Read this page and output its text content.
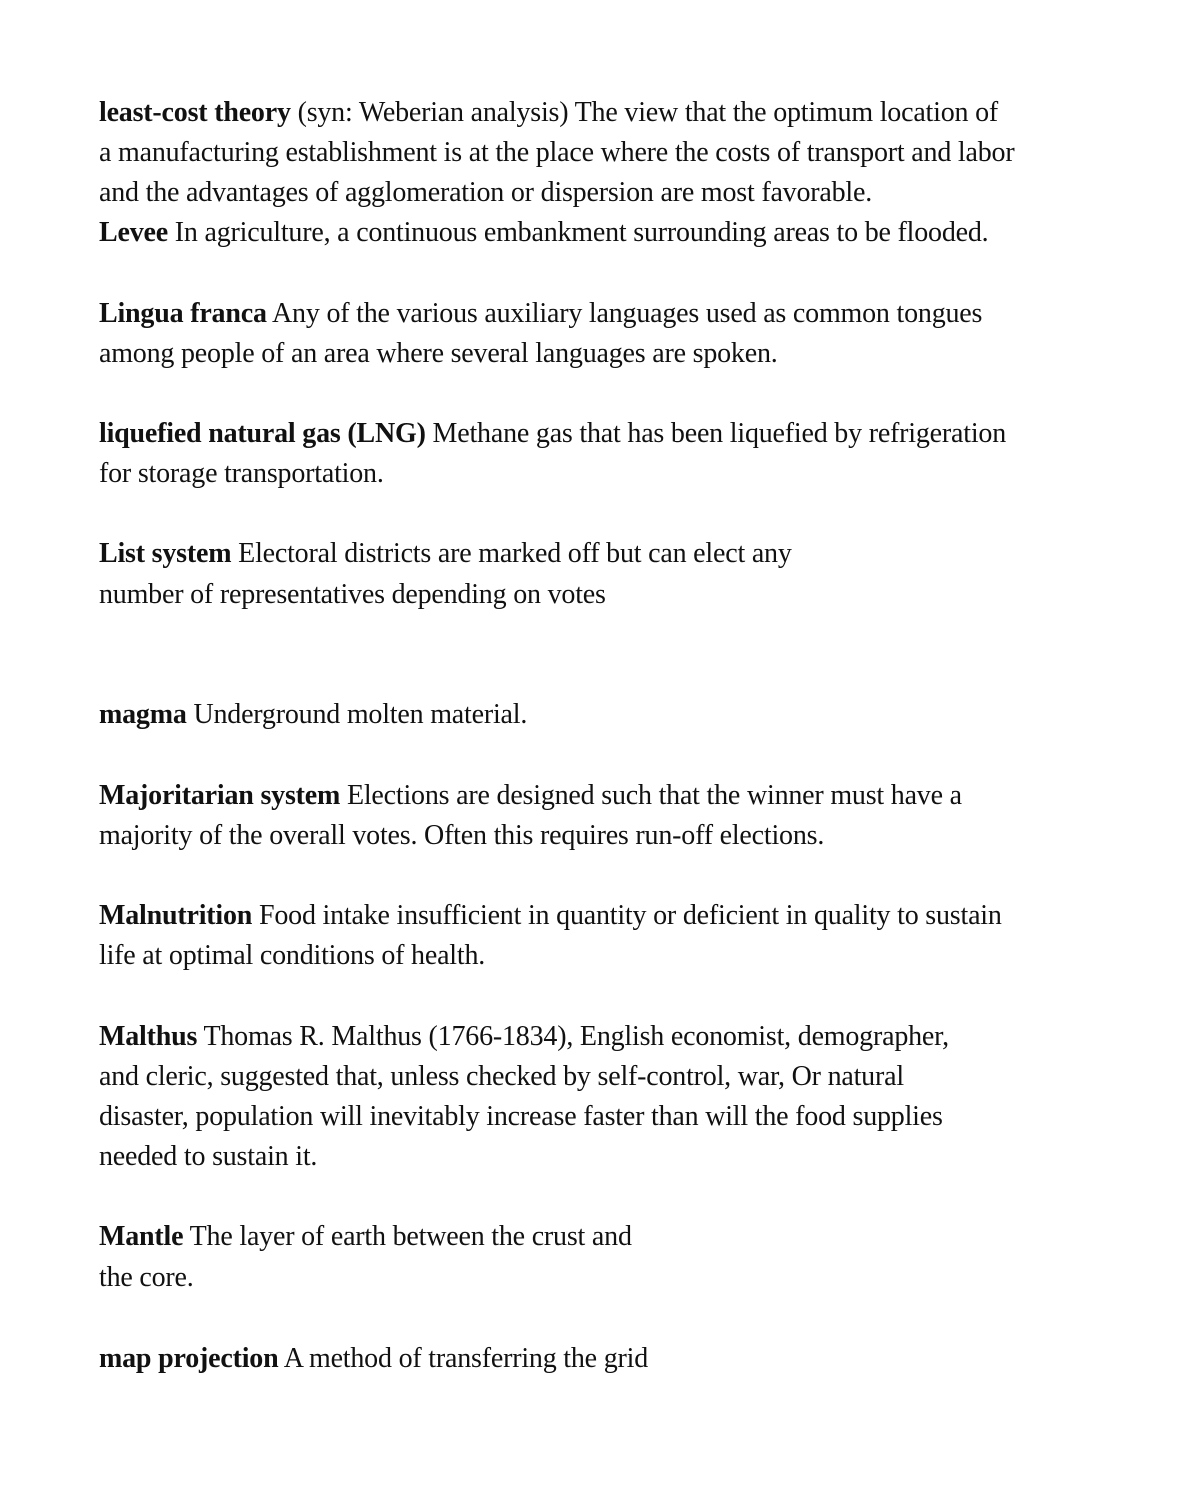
least-cost theory (syn: Weberian analysis) The view that the optimum location of

a manufacturing establishment is at the place where the costs of transport and labor

and the advantages of agglomeration or dispersion are most favorable.

Levee In agriculture, a continuous embankment surrounding areas to be flooded.

Lingua franca Any of the various auxiliary languages used as common tongues

among people of an area where several languages are spoken.

liquefied natural gas (LNG) Methane gas that has been liquefied by refrigeration

for storage transportation.

List system Electoral districts are marked off but can elect any

number of representatives depending on votes

magma Underground molten material.

Majoritarian system Elections are designed such that the winner must have a

majority of the overall votes. Often this requires run-off elections.

Malnutrition Food intake insufficient in quantity or deficient in quality to sustain

life at optimal conditions of health.

Malthus Thomas R. Malthus (1766-1834), English economist, demographer,

and cleric, suggested that, unless checked by self-control, war, Or natural

disaster, population will inevitably increase faster than will the food supplies

needed to sustain it.

Mantle The layer of earth between the crust and

the core.

map projection A method of transferring the grid
